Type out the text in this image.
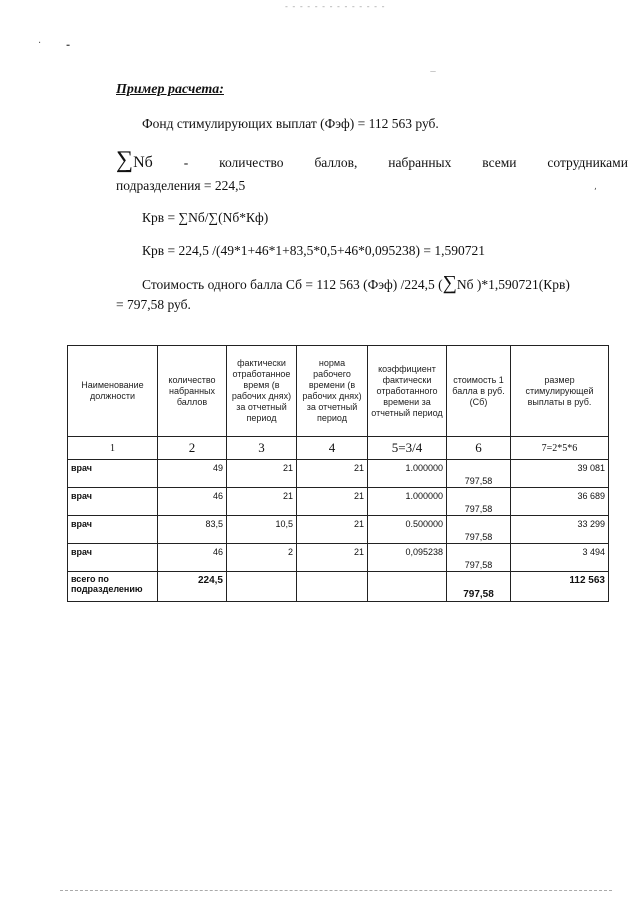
- - - - - - - - - - - - - -
· -
—
,
Пример расчета:
Фонд стимулирующих выплат (Фэф) = 112 563 руб.
∑Nб - количество баллов, набранных всеми сотрудниками
подразделения = 224,5
Крв = ∑Nб/∑(Nб*Кф)
Крв = 224,5 /(49*1+46*1+83,5*0,5+46*0,095238) = 1,590721
Стоимость одного балла Сб = 112 563 (Фэф) /224,5 (∑Nб )*1,590721(Крв)
= 797,58 руб.
Наименование должности	количество набранных баллов	фактически отработанное время (в рабочих днях) за отчетный период	норма рабочего времени (в рабочих днях) за отчетный период	коэффициент фактически отработанного времени за отчетный период	стоимость 1 балла в руб. (Сб)	размер стимулирующей выплаты в руб.
1	2	3	4	5=3/4	6	7=2*5*6
врач	49	21	21	1.000000	797,58	39 081
врач	46	21	21	1.000000	797,58	36 689
врач	83,5	10,5	21	0.500000	797,58	33 299
врач	46	2	21	0,095238	797,58	3 494
всего по подразделению	224,5				797,58	112 563
